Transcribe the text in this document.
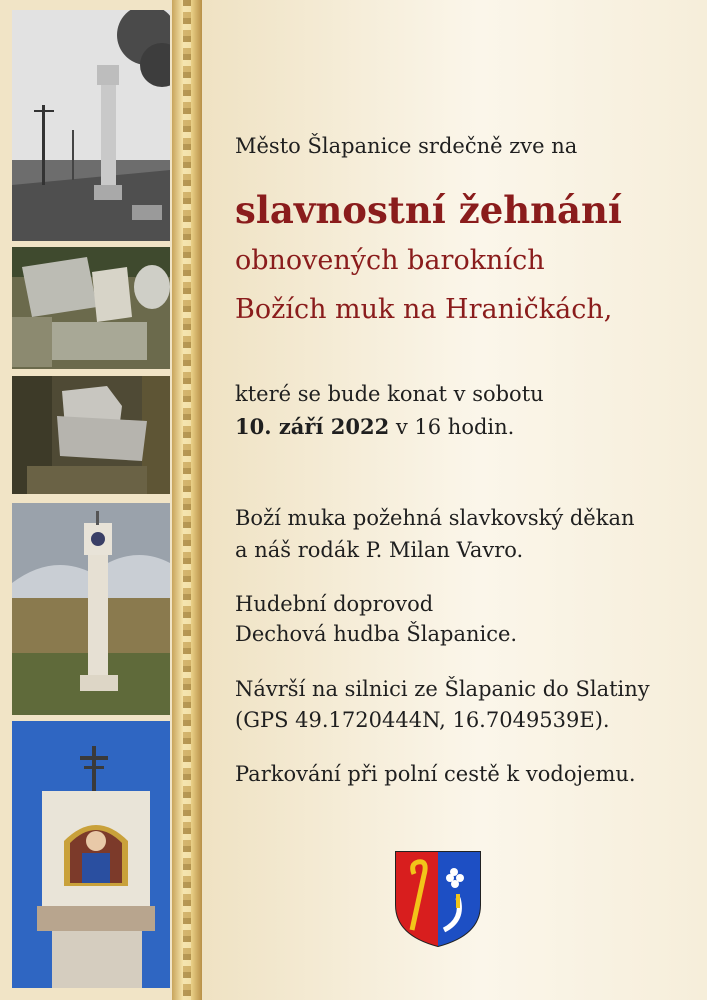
Město Šlapanice srdečně zve na
slavnostní žehnání
obnovených barokních
Božích muk na Hraničkách,
které se bude konat v sobotu
10. září 2022 v 16 hodin.
Boží muka požehná slavkovský děkan
a náš rodák P. Milan Vavro.
Hudební doprovod
Dechová hudba Šlapanice.
Návrší na silnici ze Šlapanic do Slatiny
(GPS 49.1720444N, 16.7049539E).
Parkování při polní cestě k vodojemu.
